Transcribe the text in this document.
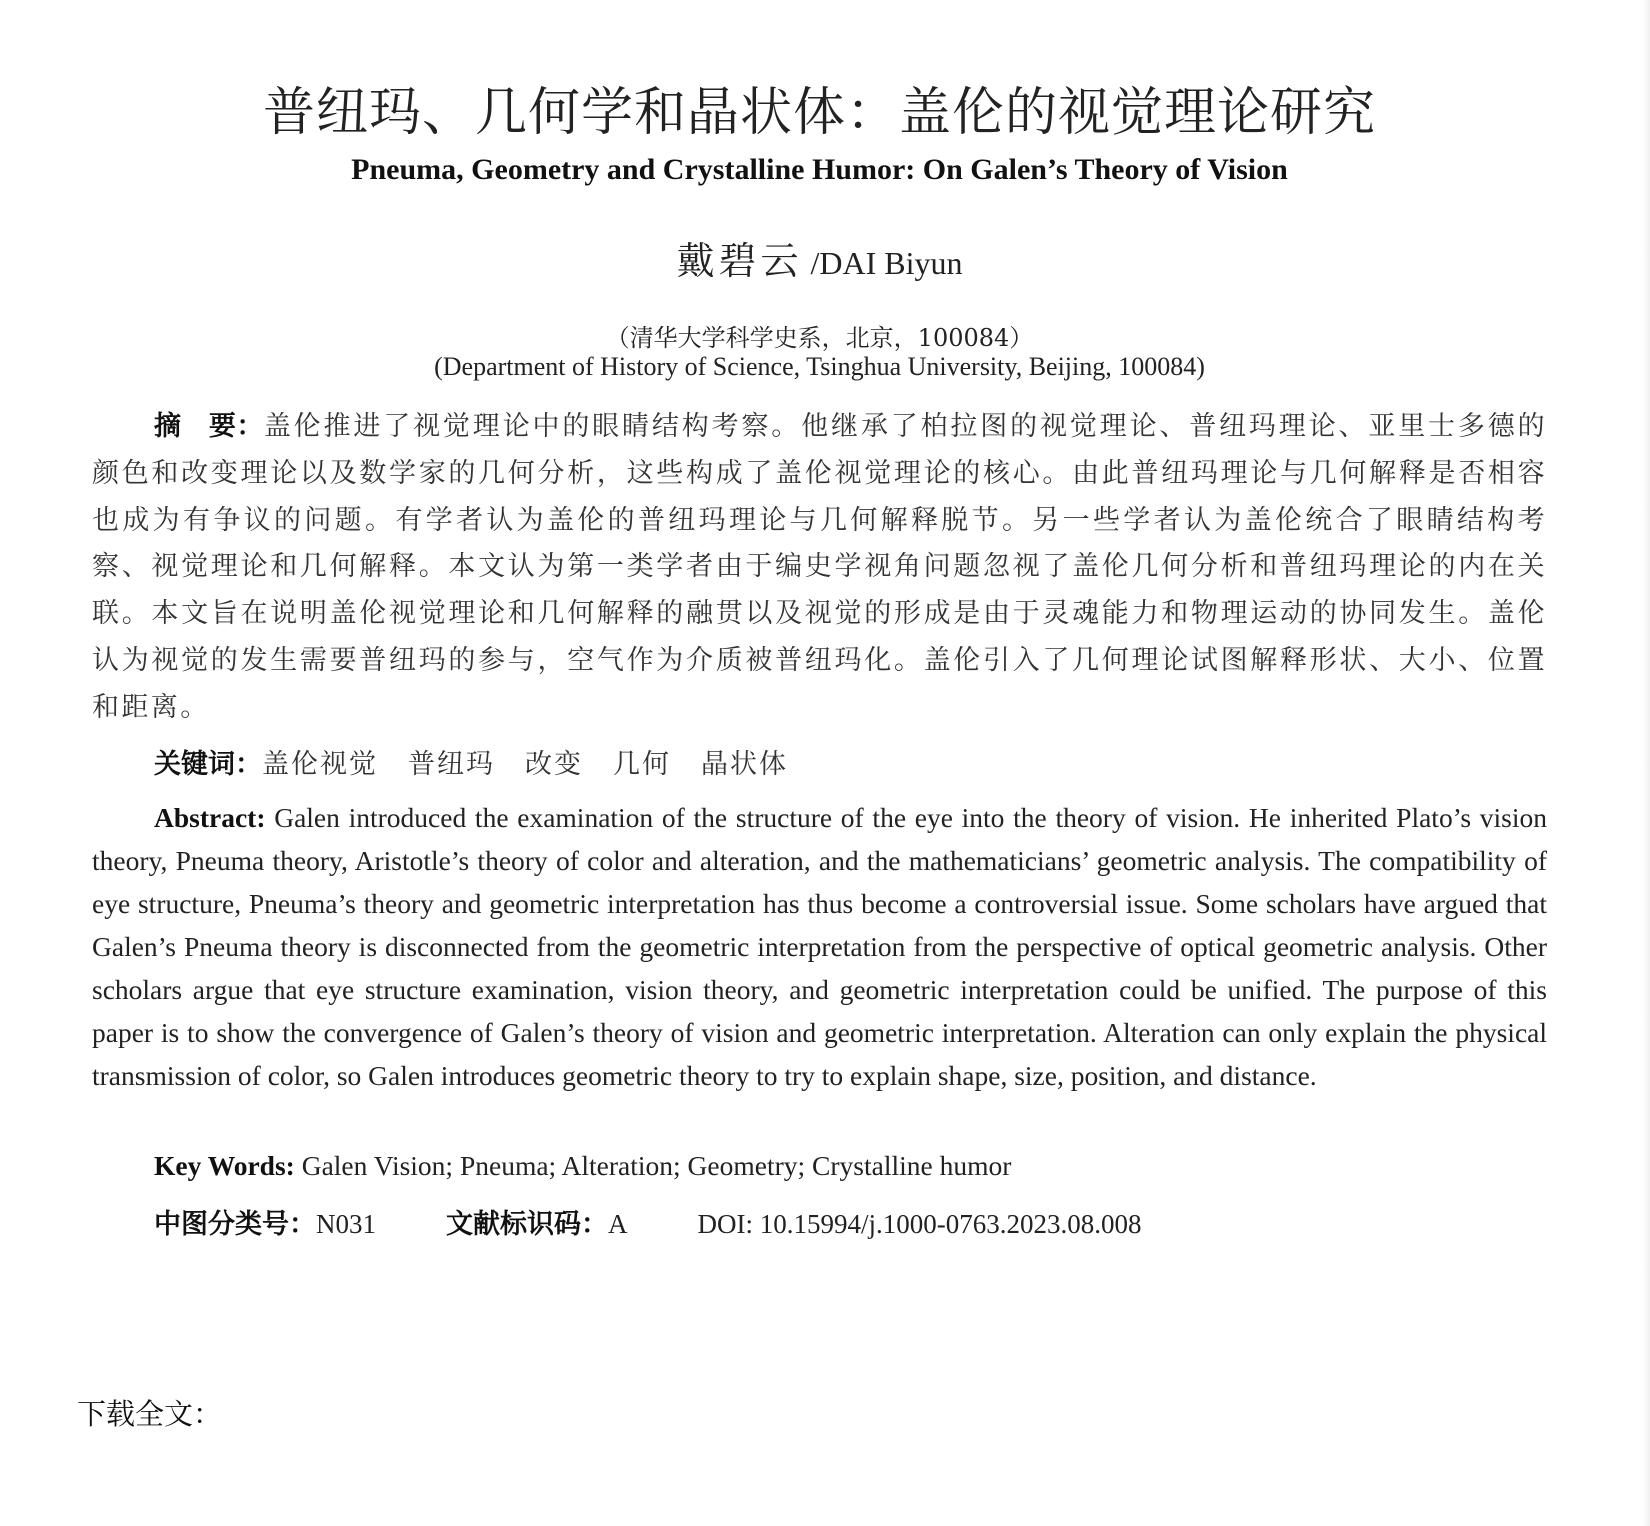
普纽玛、几何学和晶状体：盖伦的视觉理论研究
Pneuma, Geometry and Crystalline Humor: On Galen’s Theory of Vision
戴碧云 /DAI Biyun
（清华大学科学史系，北京，100084）
(Department of History of Science, Tsinghua University, Beijing, 100084)
摘　要：盖伦推进了视觉理论中的眼睛结构考察。他继承了柏拉图的视觉理论、普纽玛理论、亚里士多德的颜色和改变理论以及数学家的几何分析，这些构成了盖伦视觉理论的核心。由此普纽玛理论与几何解释是否相容也成为有争议的问题。有学者认为盖伦的普纽玛理论与几何解释脱节。另一些学者认为盖伦统合了眼睛结构考察、视觉理论和几何解释。本文认为第一类学者由于编史学视角问题忽视了盖伦几何分析和普纽玛理论的内在关联。本文旨在说明盖伦视觉理论和几何解释的融贯以及视觉的形成是由于灵魂能力和物理运动的协同发生。盖伦认为视觉的发生需要普纽玛的参与，空气作为介质被普纽玛化。盖伦引入了几何理论试图解释形状、大小、位置和距离。
关键词：盖伦视觉 普纽玛 改变 几何 晶状体
Abstract: Galen introduced the examination of the structure of the eye into the theory of vision. He inherited Plato’s vision theory, Pneuma theory, Aristotle’s theory of color and alteration, and the mathematicians’ geometric analysis. The compatibility of eye structure, Pneuma’s theory and geometric interpretation has thus become a controversial issue. Some scholars have argued that Galen’s Pneuma theory is disconnected from the geometric interpretation from the perspective of optical geometric analysis. Other scholars argue that eye structure examination, vision theory, and geometric interpretation could be unified. The purpose of this paper is to show the convergence of Galen’s theory of vision and geometric interpretation. Alteration can only explain the physical transmission of color, so Galen introduces geometric theory to try to explain shape, size, position, and distance.
Key Words: Galen Vision; Pneuma; Alteration; Geometry; Crystalline humor
中图分类号：N031	文献标识码：A	DOI: 10.15994/j.1000-0763.2023.08.008
下载全文：
